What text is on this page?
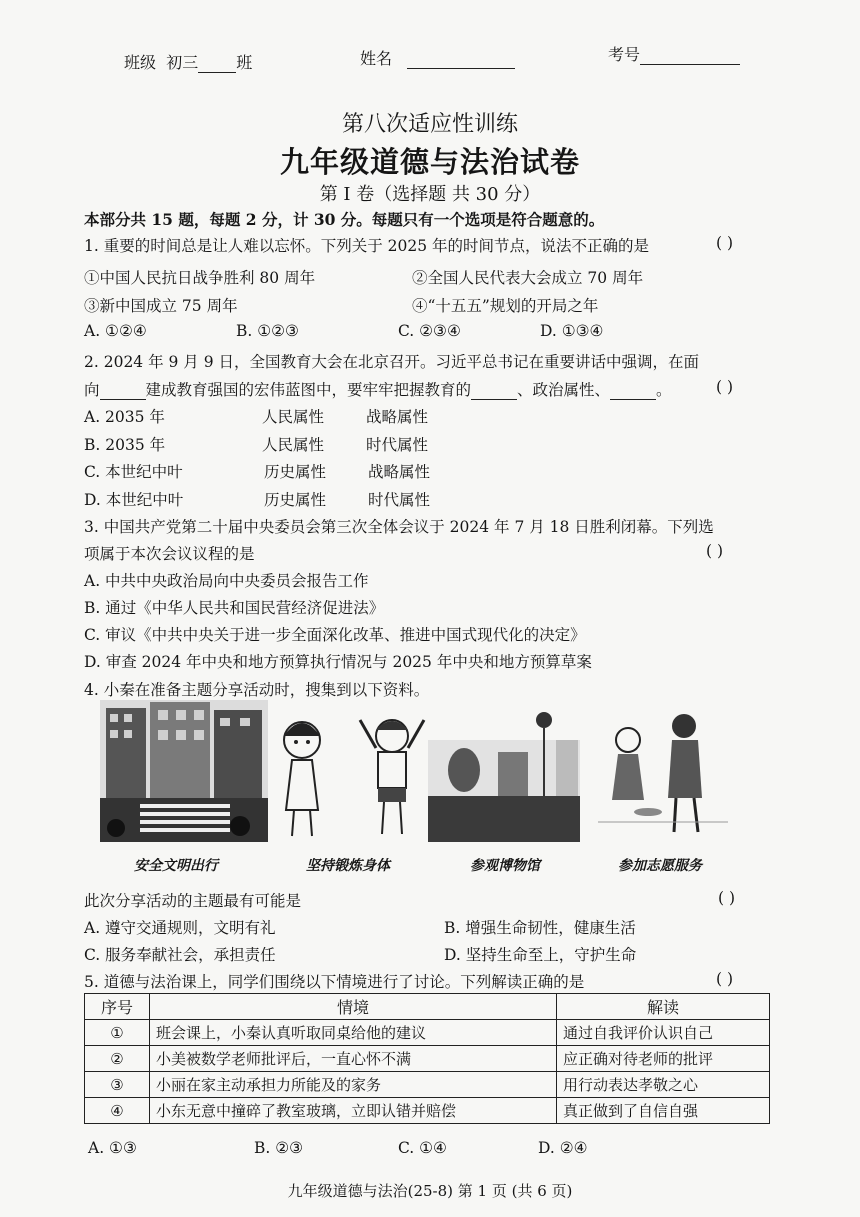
班级 初三 班	姓名	考号
第八次适应性训练
九年级道德与法治试卷
第 Ⅰ 卷（选择题 共 30 分）
本部分共 15 题，每题 2 分，计 30 分。每题只有一个选项是符合题意的。
1. 重要的时间总是让人难以忘怀。下列关于 2025 年的时间节点，说法不正确的是	( )
①中国人民抗日战争胜利 80 周年	②全国人民代表大会成立 70 周年
③新中国成立 75 周年	④“十五五”规划的开局之年
A. ①②④	B. ①②③	C. ②③④	D. ①③④
2. 2024 年 9 月 9 日，全国教育大会在北京召开。习近平总书记在重要讲话中强调，在面
向	建成教育强国的宏伟蓝图中，要牢牢把握教育的	、政治属性、	。	( )
A. 2035 年	人民属性	战略属性
B. 2035 年	人民属性	时代属性
C. 本世纪中叶	历史属性	战略属性
D. 本世纪中叶	历史属性	时代属性
3. 中国共产党第二十届中央委员会第三次全体会议于 2024 年 7 月 18 日胜利闭幕。下列选
项属于本次会议议程的是	( )
A. 中共中央政治局向中央委员会报告工作
B. 通过《中华人民共和国民营经济促进法》
C. 审议《中共中央关于进一步全面深化改革、推进中国式现代化的决定》
D. 审查 2024 年中央和地方预算执行情况与 2025 年中央和地方预算草案
4. 小秦在准备主题分享活动时，搜集到以下资料。
安全文明出行	坚持锻炼身体	参观博物馆	参加志愿服务
此次分享活动的主题最有可能是	( )
A. 遵守交通规则，文明有礼	B. 增强生命韧性，健康生活
C. 服务奉献社会，承担责任	D. 坚持生命至上，守护生命
5. 道德与法治课上，同学们围绕以下情境进行了讨论。下列解读正确的是	( )
序号	情境	解读
①	班会课上，小秦认真听取同桌给他的建议	通过自我评价认识自己
②	小美被数学老师批评后，一直心怀不满	应正确对待老师的批评
③	小丽在家主动承担力所能及的家务	用行动表达孝敬之心
④	小东无意中撞碎了教室玻璃，立即认错并赔偿	真正做到了自信自强
A. ①③	B. ②③	C. ①④	D. ②④
九年级道德与法治(25-8) 第 1 页 (共 6 页)
